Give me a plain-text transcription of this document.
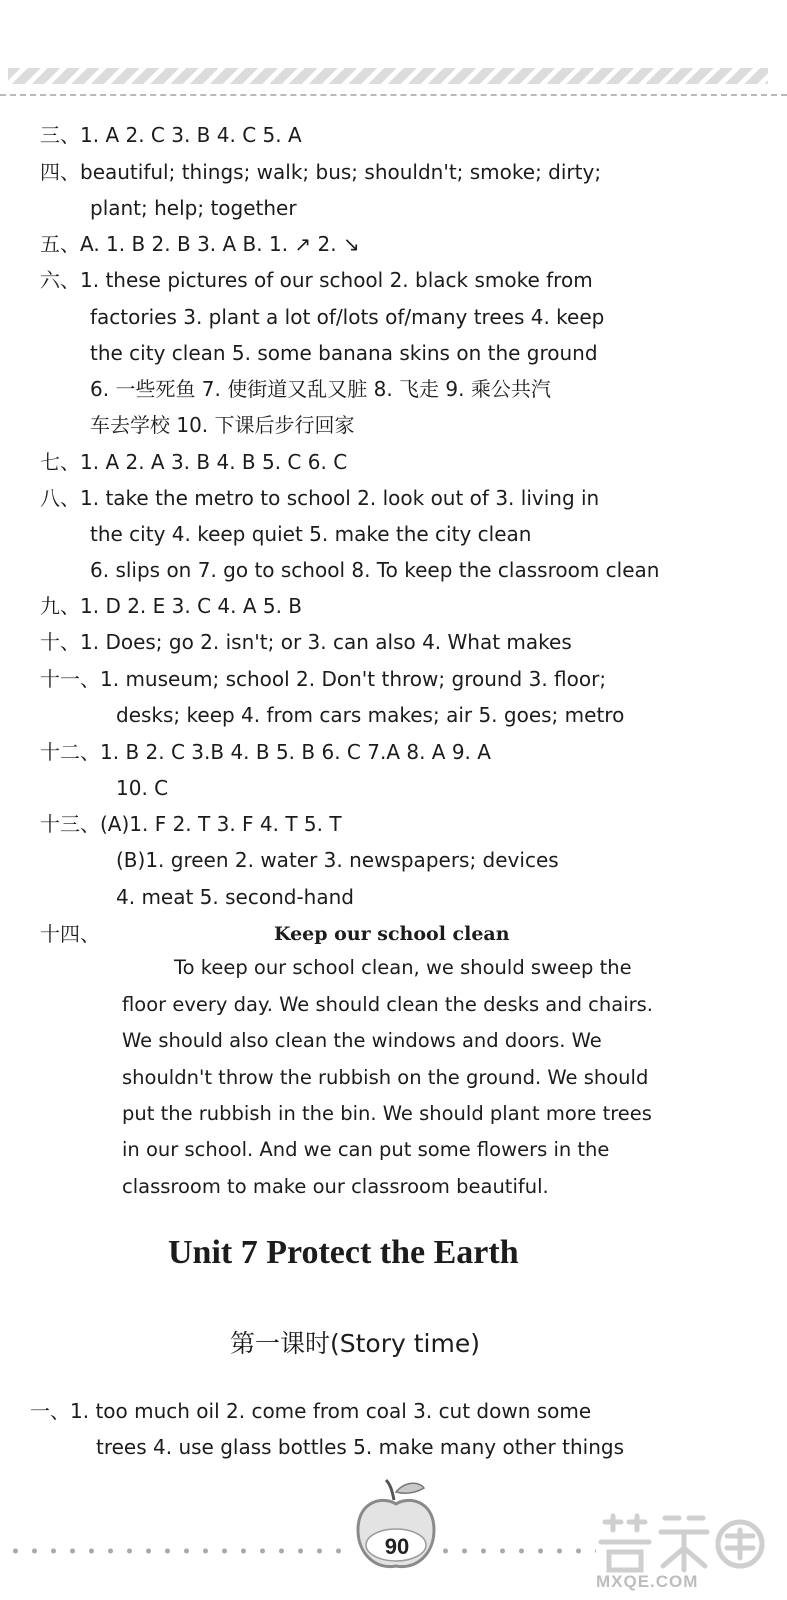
三、1. A 2. C 3. B 4. C 5. A

四、beautiful; things; walk; bus; shouldn't; smoke; dirty;

plant; help; together

五、A. 1. B 2. B 3. A B. 1. ↗ 2. ↘

六、1. these pictures of our school 2. black smoke from

factories 3. plant a lot of/lots of/many trees 4. keep

the city clean 5. some banana skins on the ground

6. 一些死鱼 7. 使街道又乱又脏 8. 飞走 9. 乘公共汽

车去学校 10. 下课后步行回家

七、1. A 2. A 3. B 4. B 5. C 6. C

八、1. take the metro to school 2. look out of 3. living in

the city 4. keep quiet 5. make the city clean

6. slips on 7. go to school 8. To keep the classroom clean

九、1. D 2. E 3. C 4. A 5. B

十、1. Does; go 2. isn't; or 3. can also 4. What makes

十一、1. museum; school 2. Don't throw; ground 3. floor;

desks; keep 4. from cars makes; air 5. goes; metro

十二、1. B 2. C 3.B 4. B 5. B 6. C 7.A 8. A 9. A

10. C

十三、(A)1. F 2. T 3. F 4. T 5. T

(B)1. green 2. water 3. newspapers; devices

4. meat 5. second-hand

十四、	Keep our school clean

To keep our school clean, we should sweep the

floor every day. We should clean the desks and chairs.

We should also clean the windows and doors. We

shouldn't throw the rubbish on the ground. We should

put the rubbish in the bin. We should plant more trees

in our school. And we can put some flowers in the

classroom to make our classroom beautiful.

Unit 7 Protect the Earth

第一课时(Story time)

一、1. too much oil 2. come from coal 3. cut down some

trees 4. use glass bottles 5. make many other things

90

MXQE.COM
